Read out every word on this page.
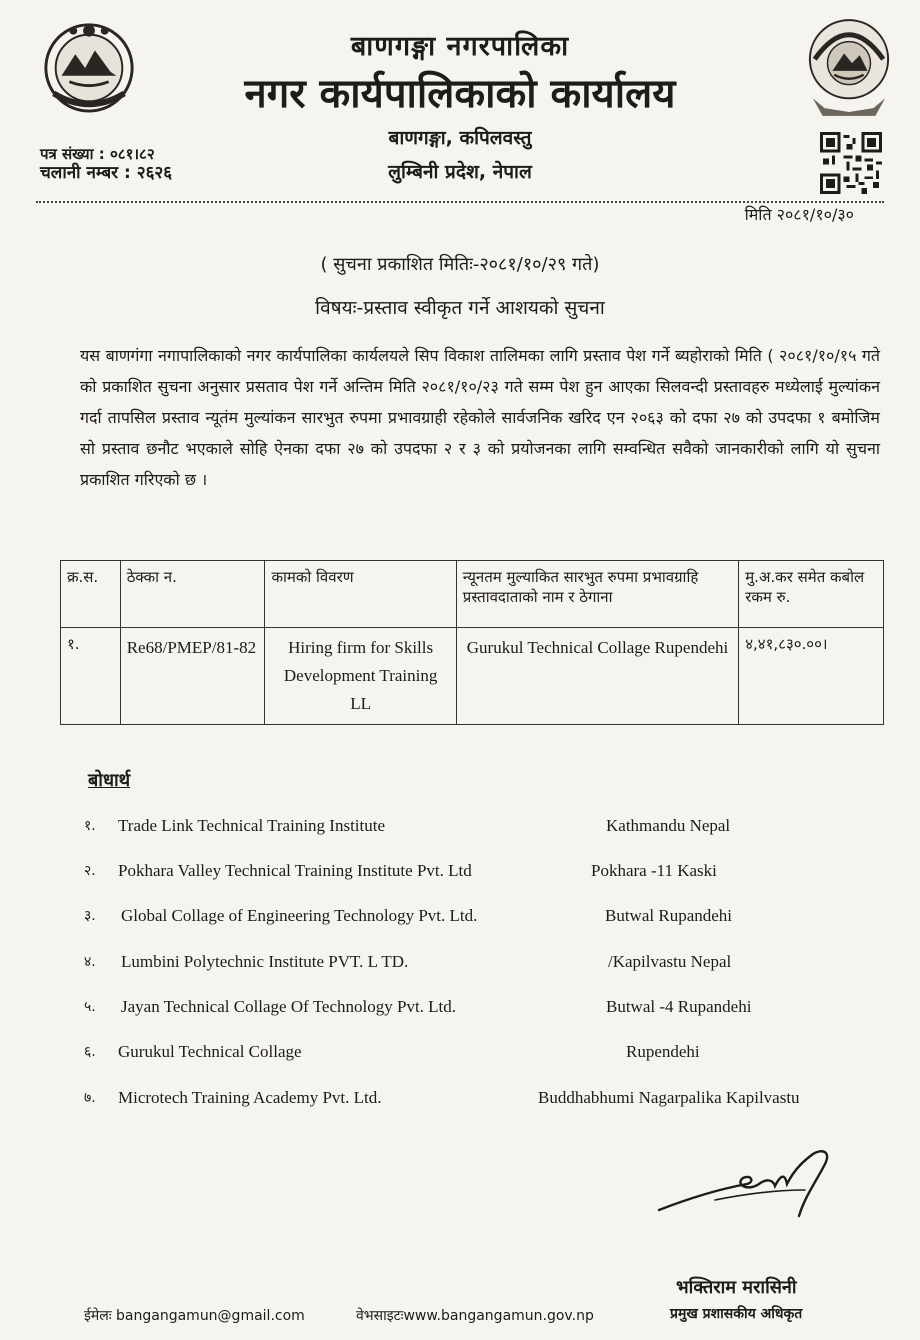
बाणगङ्गा नगरपालिका
नगर कार्यपालिकाको कार्यालय
बाणगङ्गा, कपिलवस्तु
लुम्बिनी प्रदेश, नेपाल
पत्र संख्या : ०८१।८२
चलानी नम्बर : २६२६
मिति २०८१/१०/३०
( सुचना प्रकाशित मितिः-२०८१/१०/२९ गते)
विषयः-प्रस्ताव स्वीकृत गर्ने आशयको सुचना
यस बाणगंगा नगापालिकाको नगर कार्यपालिका कार्यलयले सिप विकाश तालिमका लागि प्रस्ताव पेश गर्ने ब्यहोराको मिति ( २०८१/१०/१५ गते को प्रकाशित सुचना अनुसार प्रसताव पेश गर्ने अन्तिम मिति २०८१/१०/२३ गते सम्म पेश हुन आएका सिलवन्दी प्रस्तावहरु मध्येलाई मुल्यांकन गर्दा तापसिल प्रस्ताव न्यूतंम मुल्यांकन सारभुत रुपमा प्रभावग्राही रहेकोले सार्वजनिक खरिद एन २०६३ को दफा २७ को उपदफा १ बमोजिम सो प्रस्ताव छनौट भएकाले सोहि ऐनका दफा २७ को उपदफा २ र ३ को प्रयोजनका लागि सम्वन्धित सवैको जानकारीको लागि यो सुचना प्रकाशित गरिएको छ ।
क्र.स.	ठेक्का न.	कामको विवरण	न्यूनतम मुल्याकित सारभुत रुपमा प्रभावग्राहि प्रस्तावदाताको नाम र ठेगाना	मु.अ.कर समेत कबोल रकम रु.
१.	Re68/PMEP/81-82	Hiring firm for Skills Development Training LL	Gurukul Technical Collage Rupendehi	४,४१,८३०.००।
बोधार्थ
१. Trade Link Technical Training Institute	Kathmandu Nepal
२. Pokhara Valley Technical Training Institute Pvt. Ltd	Pokhara -11 Kaski
३. Global Collage of Engineering Technology Pvt. Ltd.	Butwal Rupandehi
४. Lumbini Polytechnic Institute PVT. L TD.	/Kapilvastu Nepal
५. Jayan Technical Collage Of Technology Pvt. Ltd.	Butwal -4 Rupandehi
६. Gurukul Technical Collage	Rupendehi
७. Microtech Training Academy Pvt. Ltd.	Buddhabhumi Nagarpalika Kapilvastu
भक्तिराम मरासिनी
प्रमुख प्रशासकीय अधिकृत
ईमेलः bangangamun@gmail.com	वेभसाइटःwww.bangangamun.gov.np
